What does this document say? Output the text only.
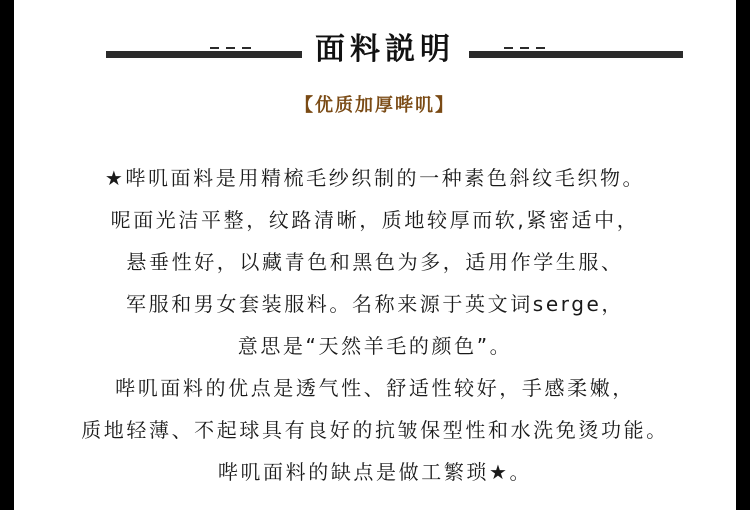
面料説明
【优质加厚哔叽】
★哔叽面料是用精梳毛纱织制的一种素色斜纹毛织物。
呢面光洁平整，纹路清晰，质地较厚而软,紧密适中，
悬垂性好，以藏青色和黑色为多，适用作学生服、
军服和男女套装服料。名称来源于英文词serge，
意思是“天然羊毛的颜色”。
哔叽面料的优点是透气性、舒适性较好，手感柔嫩，
质地轻薄、不起球具有良好的抗皱保型性和水洗免烫功能。
哔叽面料的缺点是做工繁琐★。
